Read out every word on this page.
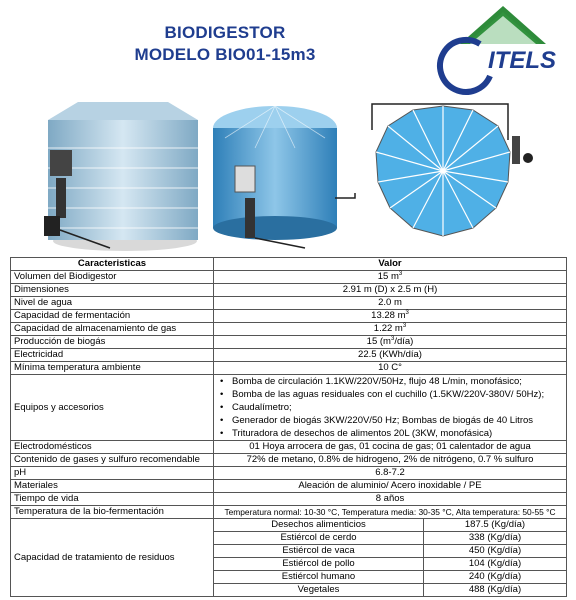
BIODIGESTOR
MODELO BIO01-15m3	ITELS
Caracteristicas	Valor
Volumen del Biodigestor	15 $m^3$
Dimensiones	2.91 m (D) x 2.5 m (H)
Nivel de agua	2.0 m
Capacidad de fermentación	13.28 $m^3$
Capacidad de almacenamiento de gas	1.22 $m^3$
Producción de biogás	15 $(m^3/día)$
Electricidad	22.5 (KWh/día)
Mínima temperatura ambiente	10 C°
Equipos y accesorios	
• Bomba de circulación 1.1KW/220V/50Hz, flujo 48 L/min, monofásico;
• Bomba de las aguas residuales con el cuchillo (1.5KW/220V-380V/ 50Hz);
• Caudalímetro;
• Generador de biogás 3KW/220V/50 Hz; Bombas de biogás de 40 Litros
• Trituradora de desechos de alimentos 20L (3KW, monofásica)

Electrodomésticos	01 Hoya arrocera de gas, 01 cocina de gas; 01 calentador de agua
Contenido de gases y sulfuro recomendable	72% de metano, 0.8% de hidrogeno, 2% de nitrógeno, 0.7 % sulfuro
pH	6.8-7.2
Materiales	Aleación de aluminio/ Acero inoxidable / PE
Tiempo de vida	8 años
Temperatura de la bio-fermentación	Temperatura normal: 10-30 °C, Temperatura media: 30-35 °C, Alta temperatura: 50-55 °C
Capacidad de tratamiento de residuos	
Desechos alimenticios	187.5 (Kg/día)
Estiércol de cerdo	338 (Kg/día)
Estiércol de vaca	450 (Kg/día)
Estiércol de pollo	104 (Kg/día)
Estiércol humano	240 (Kg/día)
Vegetales	488 (Kg/día)
